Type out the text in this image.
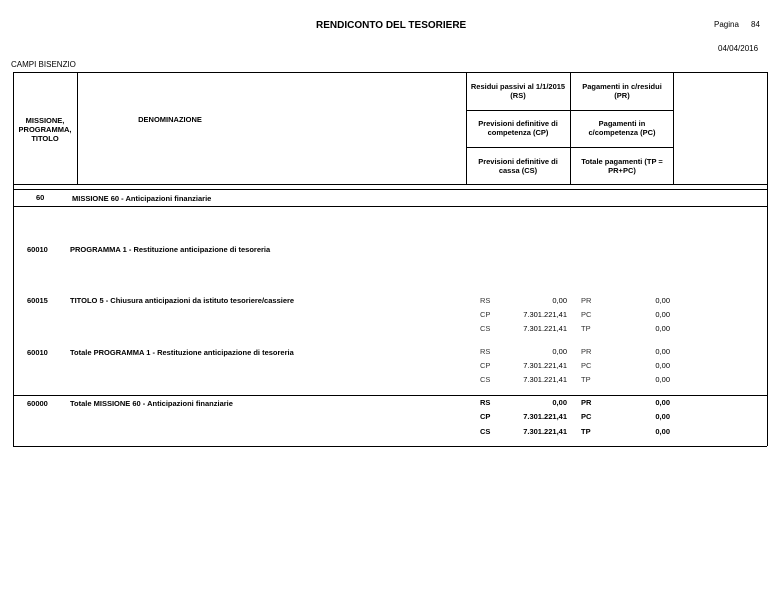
RENDICONTO DEL TESORIERE	Pagina 84
04/04/2016
CAMPI BISENZIO
MISSIONE, PROGRAMMA, TITOLO
DENOMINAZIONE
Residui passivi al 1/1/2015 (RS)
Pagamenti in c/residui (PR)
Previsioni definitive di competenza (CP)
Pagamenti in c/competenza (PC)
Previsioni definitive di cassa (CS)
Totale pagamenti (TP = PR+PC)
60	MISSIONE 60 - Anticipazioni finanziarie
60010	PROGRAMMA 1 - Restituzione anticipazione di tesoreria
60015	TITOLO 5 - Chiusura anticipazioni da istituto tesoriere/cassiere	RS	0,00 PR	0,00
CP	7.301.221,41 PC	0,00
CS	7.301.221,41 TP	0,00
60010	Totale PROGRAMMA 1 - Restituzione anticipazione di tesoreria	RS	0,00 PR	0,00
CP	7.301.221,41 PC	0,00
CS	7.301.221,41 TP	0,00
60000	Totale MISSIONE 60 - Anticipazioni finanziarie	RS	0,00 PR	0,00
CP	7.301.221,41 PC	0,00
CS	7.301.221,41 TP	0,00
